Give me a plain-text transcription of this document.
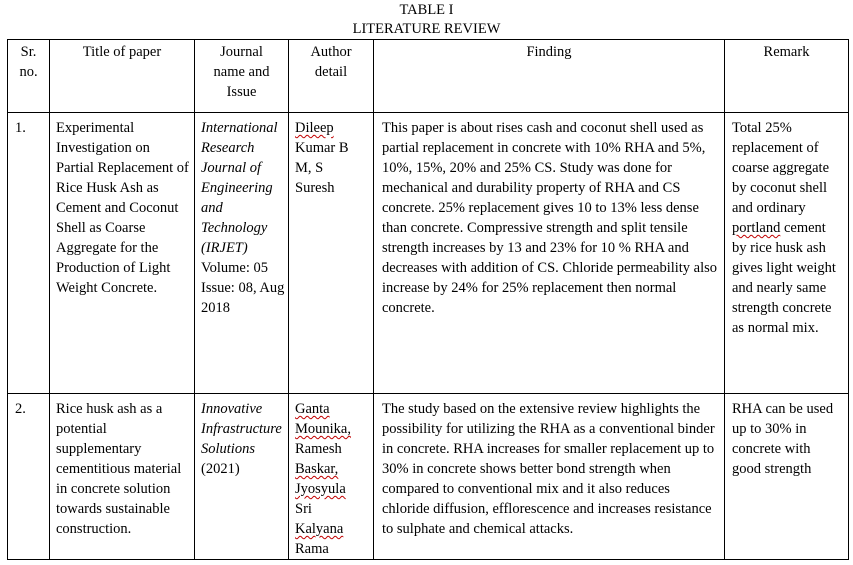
TABLE I
LITERATURE REVIEW
Sr. no.	Title of paper	Journal name and Issue	Author detail	Finding	Remark
1.	Experimental Investigation on Partial Replacement of Rice Husk Ash as Cement and Coconut Shell as Coarse Aggregate for the Production of Light Weight Concrete.	International Research Journal of Engineering and Technology (IRJET) Volume: 05 Issue: 08, Aug 2018	Dileep Kumar B M, S Suresh	This paper is about rises cash and coconut shell used as partial replacement in concrete with 10% RHA and 5%, 10%, 15%, 20% and 25% CS. Study was done for mechanical and durability property of RHA and CS concrete. 25% replacement gives 10 to 13% less dense than concrete. Compressive strength and split tensile strength increases by 13 and 23% for 10 % RHA and decreases with addition of CS. Chloride permeability also increase by 24% for 25% replacement then normal concrete.	Total 25% replacement of coarse aggregate by coconut shell and ordinary portland cement by rice husk ash gives light weight and nearly same strength concrete as normal mix.
2.	Rice husk ash as a potential supplementary cementitious material in concrete solution towards sustainable construction.	Innovative Infrastructure Solutions (2021)	Ganta Mounika, Ramesh Baskar, Jyosyula Sri Kalyana Rama	The study based on the extensive review highlights the possibility for utilizing the RHA as a conventional binder in concrete. RHA increases for smaller replacement up to 30% in concrete shows better bond strength when compared to conventional mix and it also reduces chloride diffusion, efflorescence and increases resistance to sulphate and chemical attacks.	RHA can be used up to 30% in concrete with good strength
